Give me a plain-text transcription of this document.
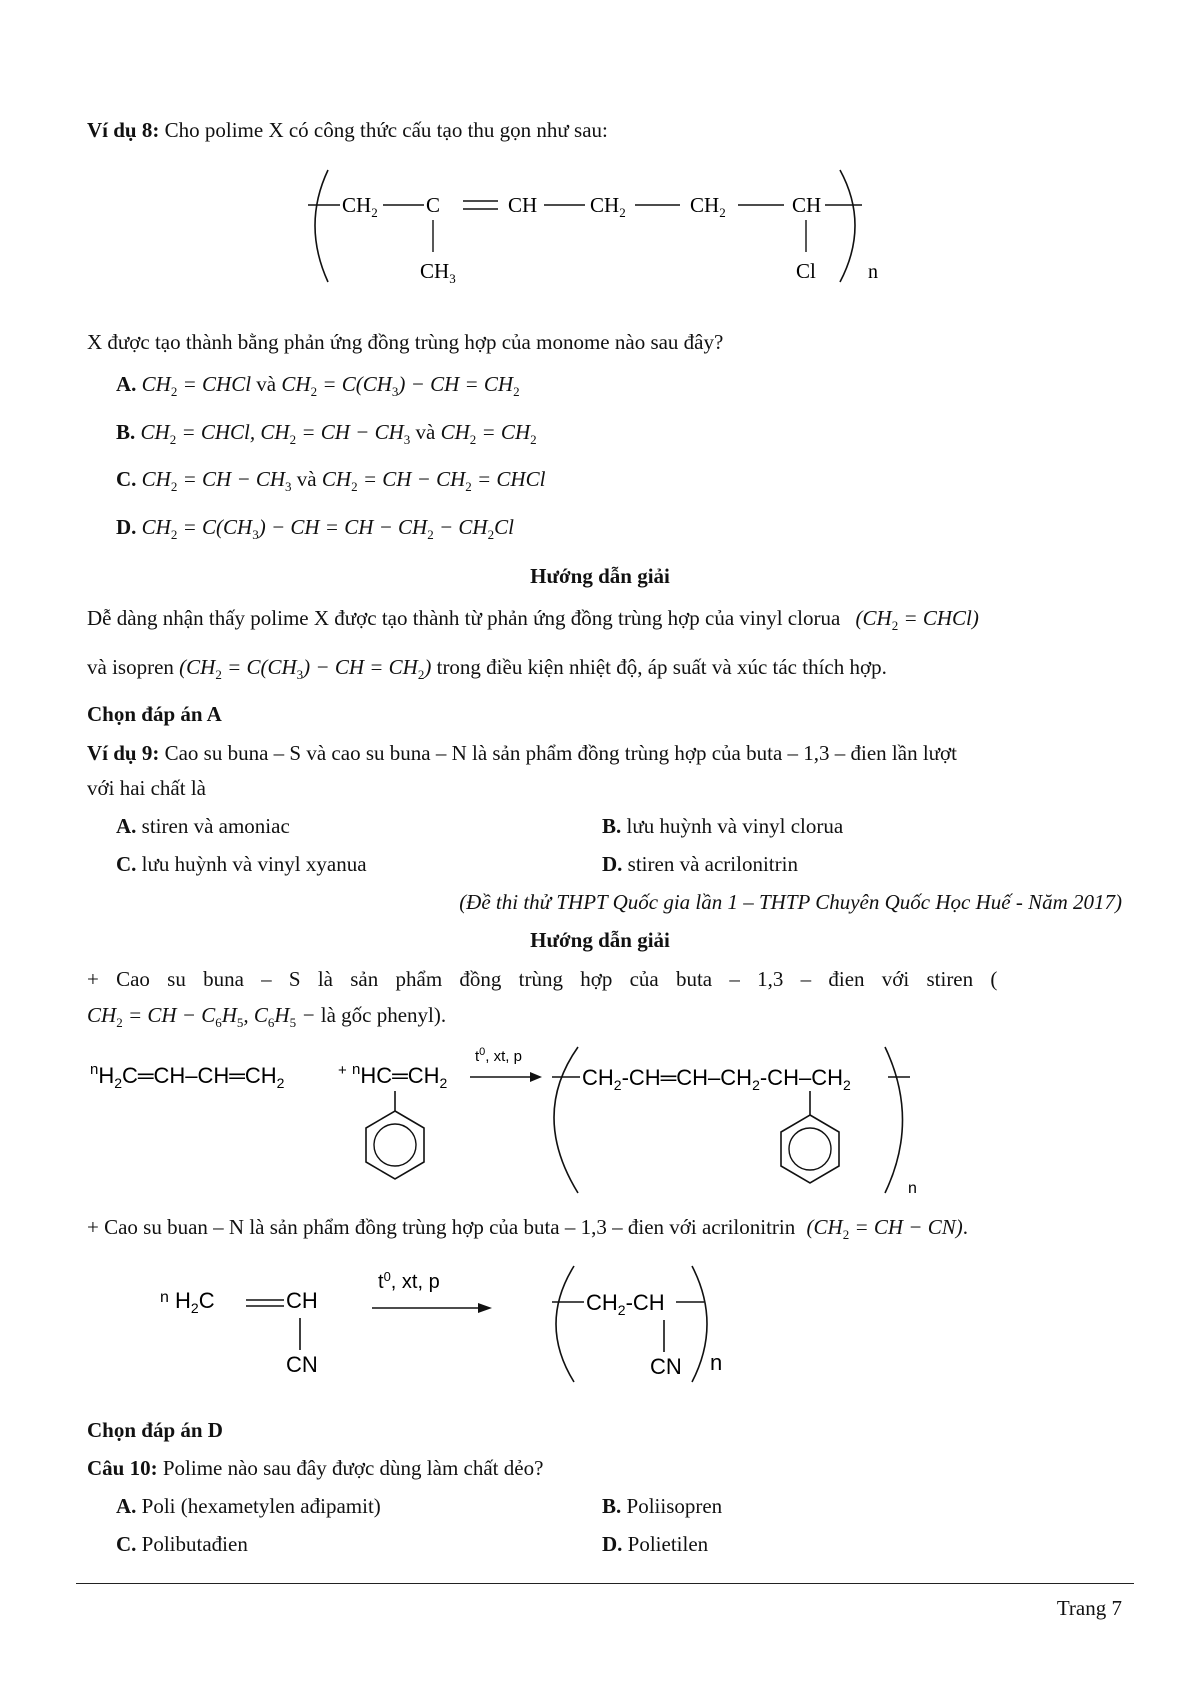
Ví dụ 8: Cho polime X có công thức cấu tạo thu gọn như sau:
$CH_2$ C	CH	$CH_2$	$CH_2$	CH
$CH_3$	Cl	n
X được tạo thành bằng phản ứng đồng trùng hợp của monome nào sau đây?
A. $CH_2$ = CHCl và $CH_2 = C(CH_3)$ − CH = $CH_2$
B. $CH_2$ = CHCl, $CH_2$ = CH − $CH_3$ và $CH_2 = CH_2$
C. $CH_2$ = CH − $CH_3$ và $CH_2$ = CH − $CH_2$ = CHCl
D. $CH_2 = C(CH_3)$ − CH = CH − $CH_2 - CH_2Cl$
Hướng dẫn giải
Dễ dàng nhận thấy polime X được tạo thành từ phản ứng đồng trùng hợp của vinyl clorua ($CH_2$ = CHCl)
và isopren ($CH_2 = C(CH_3)$ − CH = $CH_2$) trong điều kiện nhiệt độ, áp suất và xúc tác thích hợp.
Chọn đáp án A
Ví dụ 9: Cao su buna – S và cao su buna – N là sản phẩm đồng trùng hợp của buta – 1,3 – đien lần lượt
với hai chất là
A. stiren và amoniac	B. lưu huỳnh và vinyl clorua
C. lưu huỳnh và vinyl xyanua	D. stiren và acrilonitrin
(Đề thi thử THPT Quốc gia lần 1 – THTP Chuyên Quốc Học Huế - Năm 2017)
Hướng dẫn giải
+ Cao su buna – S là sản phẩm đồng trùng hợp của buta – 1,3 – đien với stiren (
$CH_2$ = CH − $C_6H_5$, $C_6H_5$ − là gốc phenyl).
$^nH_2C═CH-CH═CH_2$
+ $^nHC═CH_2$
$t^0$, xt, p
$CH_2-CH═CH-CH_2-CH-CH_2$
n
+ Cao su buan – N là sản phẩm đồng trùng hợp của buta – 1,3 – đien với acrilonitrin ($CH_2$ = CH − CN).
$^n$ $H_2C$	CH
CN
$t^0$, xt, p
$CH_2-CH$
CN n
Chọn đáp án D
Câu 10: Polime nào sau đây được dùng làm chất dẻo?
A. Poli (hexametylen ađipamit)	B. Poliisopren
C. Polibutađien	D. Polietilen
Trang 7
